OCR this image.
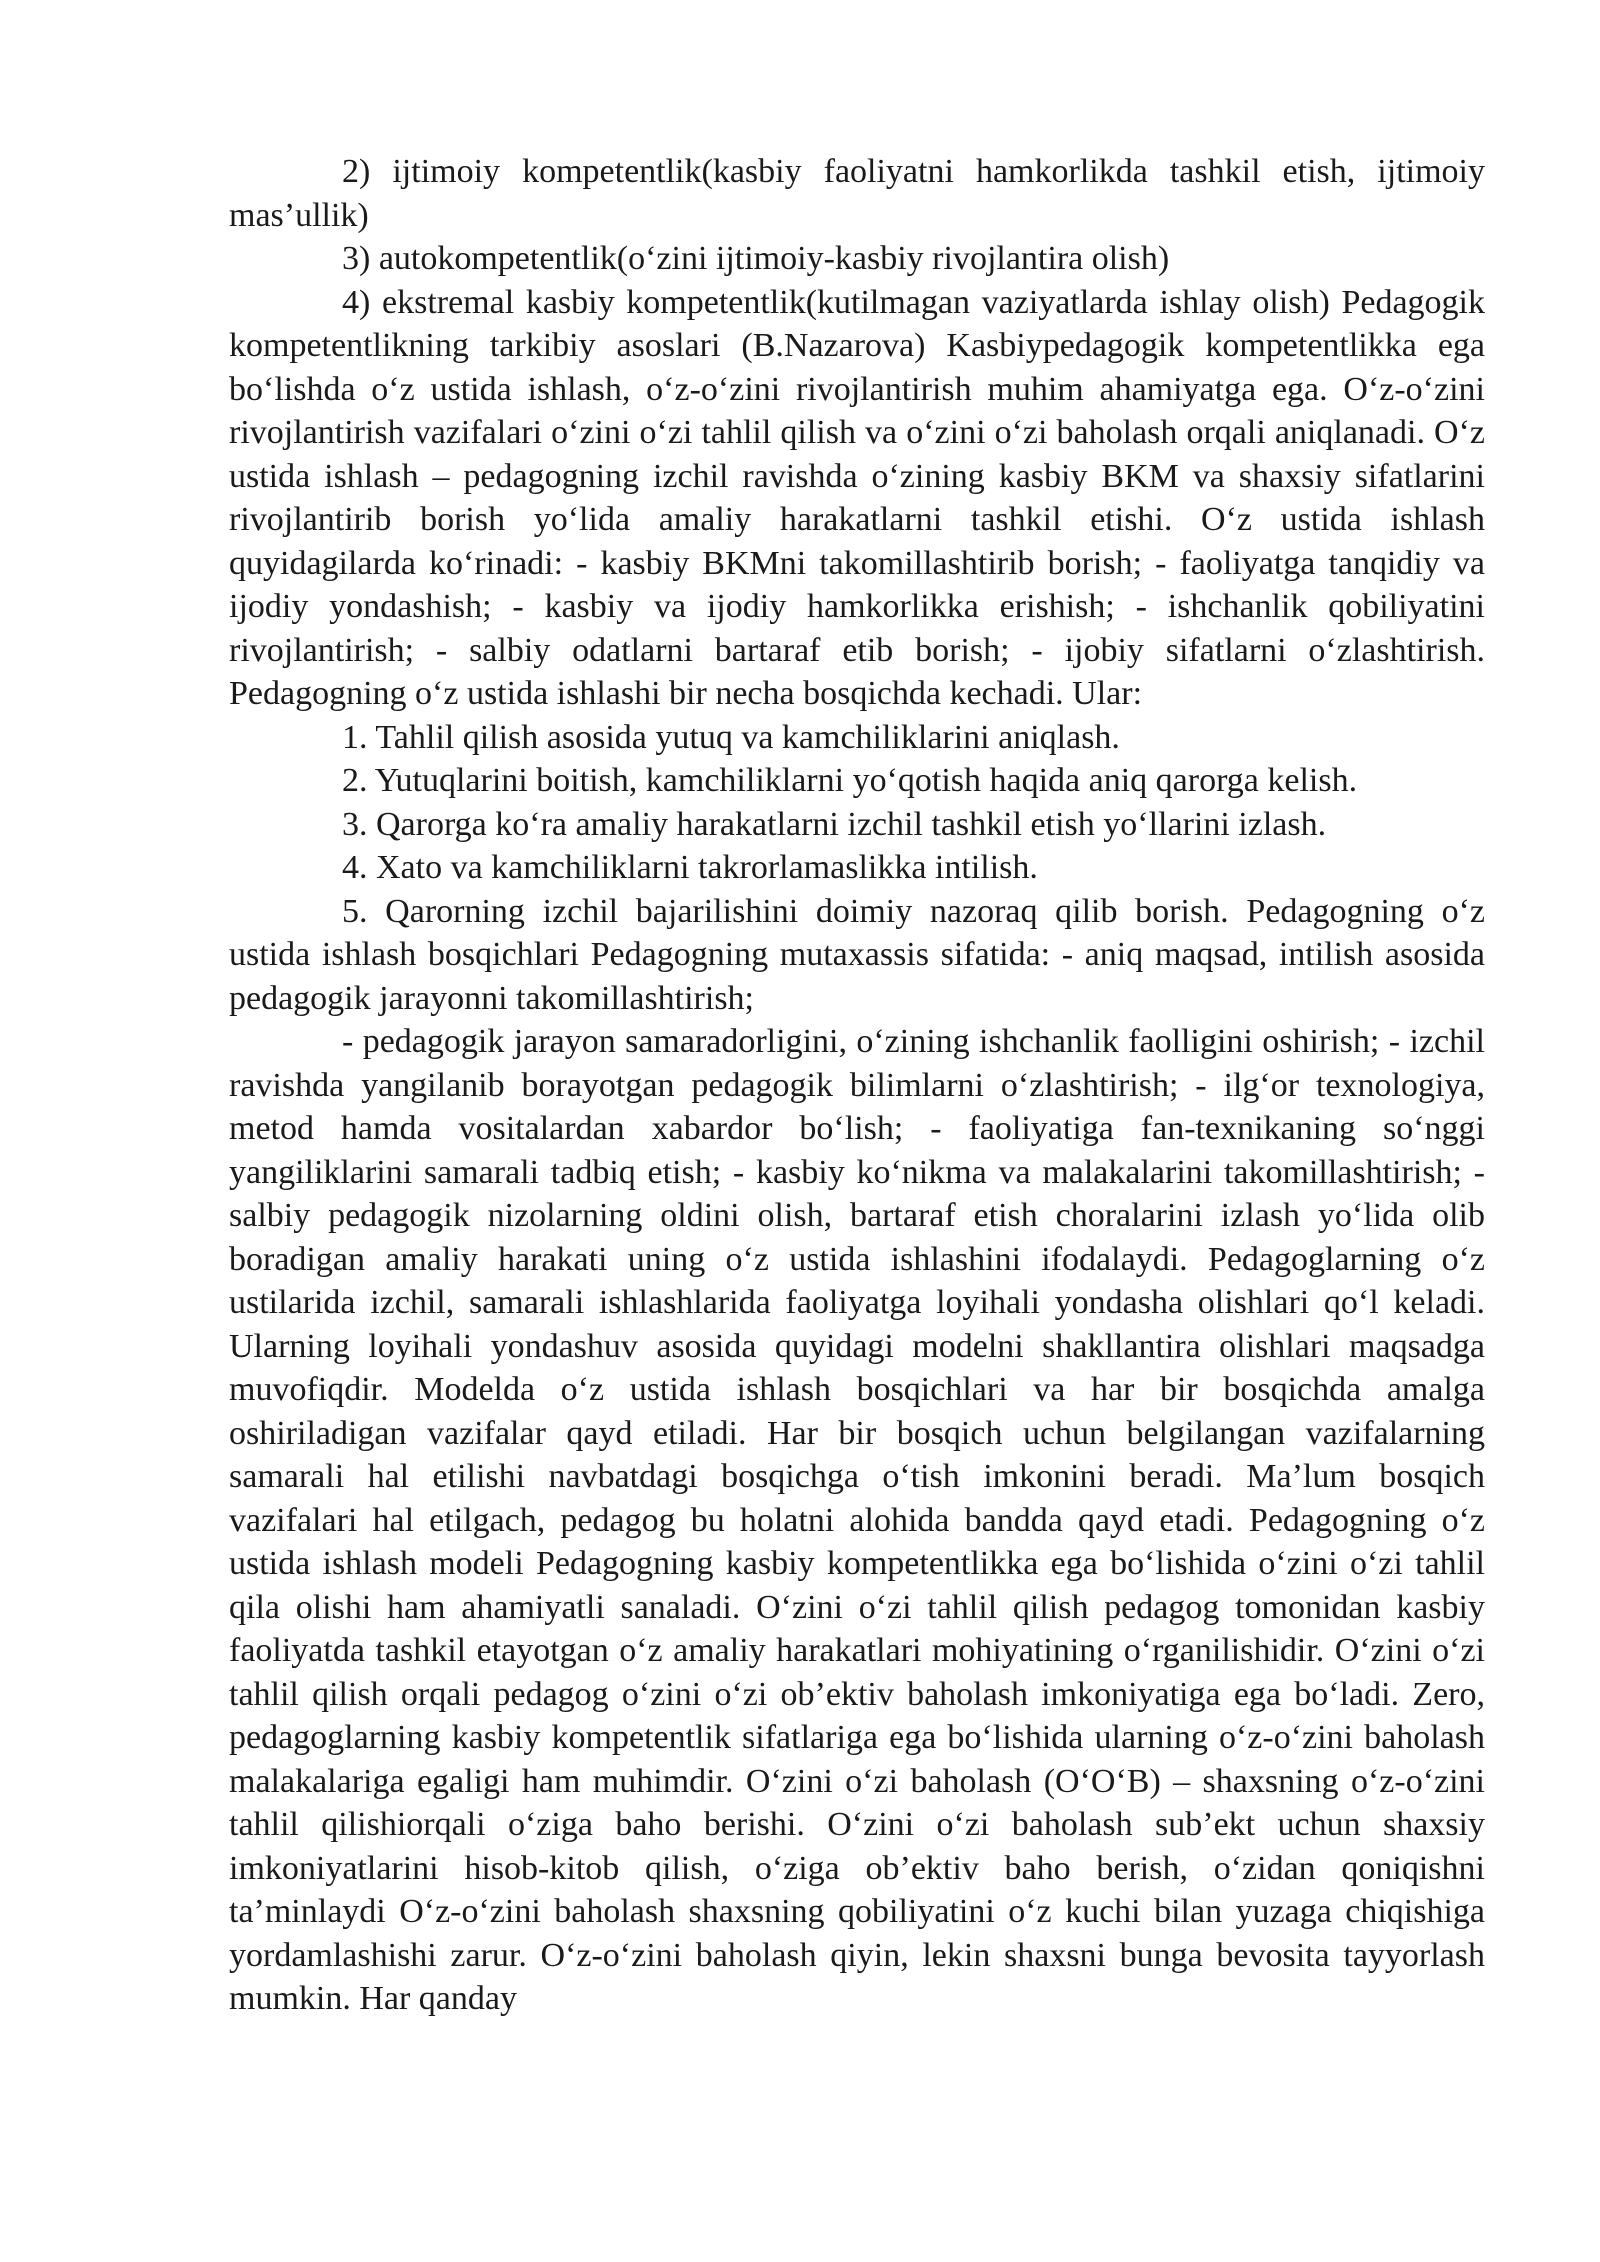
2) ijtimoiy kompetentlik(kasbiy faoliyatni hamkorlikda tashkil etish, ijtimoiy mas’ullik)

3) autokompetentlik(o‘zini ijtimoiy-kasbiy rivojlantira olish)

4) ekstremal kasbiy kompetentlik(kutilmagan vaziyatlarda ishlay olish) Pedagogik kompetentlikning tarkibiy asoslari (B.Nazarova) Kasbiypedagogik kompetentlikka ega bo‘lishda o‘z ustida ishlash, o‘z-o‘zini rivojlantirish muhim ahamiyatga ega. O‘z-o‘zini rivojlantirish vazifalari o‘zini o‘zi tahlil qilish va o‘zini o‘zi baholash orqali aniqlanadi. O‘z ustida ishlash – pedagogning izchil ravishda o‘zining kasbiy BKM va shaxsiy sifatlarini rivojlantirib borish yo‘lida amaliy harakatlarni tashkil etishi. O‘z ustida ishlash quyidagilarda ko‘rinadi: - kasbiy BKMni takomillashtirib borish; - faoliyatga tanqidiy va ijodiy yondashish; - kasbiy va ijodiy hamkorlikka erishish; - ishchanlik qobiliyatini rivojlantirish; - salbiy odatlarni bartaraf etib borish; - ijobiy sifatlarni o‘zlashtirish. Pedagogning o‘z ustida ishlashi bir necha bosqichda kechadi. Ular:

1. Tahlil qilish asosida yutuq va kamchiliklarini aniqlash.

2. Yutuqlarini boitish, kamchiliklarni yo‘qotish haqida aniq qarorga kelish.

3. Qarorga ko‘ra amaliy harakatlarni izchil tashkil etish yo‘llarini izlash.

4. Xato va kamchiliklarni takrorlamaslikka intilish.

5. Qarorning izchil bajarilishini doimiy nazoraq qilib borish. Pedagogning o‘z ustida ishlash bosqichlari Pedagogning mutaxassis sifatida: - aniq maqsad, intilish asosida pedagogik jarayonni takomillashtirish;

- pedagogik jarayon samaradorligini, o‘zining ishchanlik faolligini oshirish; - izchil ravishda yangilanib borayotgan pedagogik bilimlarni o‘zlashtirish; - ilg‘or texnologiya, metod hamda vositalardan xabardor bo‘lish; - faoliyatiga fan-texnikaning so‘nggi yangiliklarini samarali tadbiq etish; - kasbiy ko‘nikma va malakalarini takomillashtirish; - salbiy pedagogik nizolarning oldini olish, bartaraf etish choralarini izlash yo‘lida olib boradigan amaliy harakati uning o‘z ustida ishlashini ifodalaydi. Pedagoglarning o‘z ustilarida izchil, samarali ishlashlarida faoliyatga loyihali yondasha olishlari qo‘l keladi. Ularning loyihali yondashuv asosida quyidagi modelni shakllantira olishlari maqsadga muvofiqdir. Modelda o‘z ustida ishlash bosqichlari va har bir bosqichda amalga oshiriladigan vazifalar qayd etiladi. Har bir bosqich uchun belgilangan vazifalarning samarali hal etilishi navbatdagi bosqichga o‘tish imkonini beradi. Ma’lum bosqich vazifalari hal etilgach, pedagog bu holatni alohida bandda qayd etadi. Pedagogning o‘z ustida ishlash modeli Pedagogning kasbiy kompetentlikka ega bo‘lishida o‘zini o‘zi tahlil qila olishi ham ahamiyatli sanaladi. O‘zini o‘zi tahlil qilish pedagog tomonidan kasbiy faoliyatda tashkil etayotgan o‘z amaliy harakatlari mohiyatining o‘rganilishidir. O‘zini o‘zi tahlil qilish orqali pedagog o‘zini o‘zi ob’ektiv baholash imkoniyatiga ega bo‘ladi. Zero, pedagoglarning kasbiy kompetentlik sifatlariga ega bo‘lishida ularning o‘z-o‘zini baholash malakalariga egaligi ham muhimdir. O‘zini o‘zi baholash (O‘O‘B) – shaxsning o‘z-o‘zini tahlil qilishiorqali o‘ziga baho berishi. O‘zini o‘zi baholash sub’ekt uchun shaxsiy imkoniyatlarini hisob-kitob qilish, o‘ziga ob’ektiv baho berish, o‘zidan qoniqishni ta’minlaydi O‘z-o‘zini baholash shaxsning qobiliyatini o‘z kuchi bilan yuzaga chiqishiga yordamlashishi zarur. O‘z-o‘zini baholash qiyin, lekin shaxsni bunga bevosita tayyorlash mumkin. Har qanday
